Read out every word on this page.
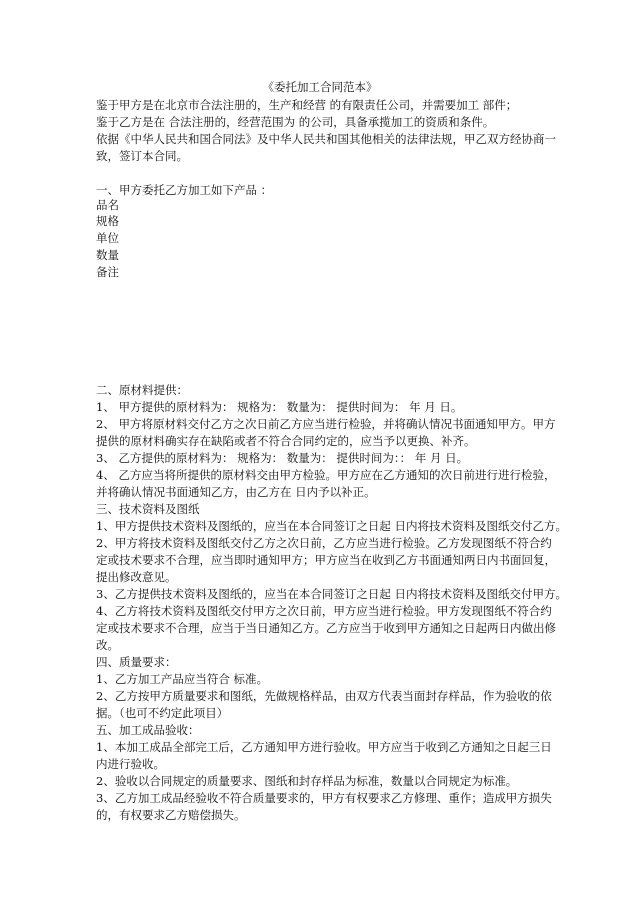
《委托加工合同范本》
鉴于甲方是在北京市合法注册的，生产和经营 的有限责任公司，并需要加工 部件；
鉴于乙方是在 合法注册的，经营范围为 的公司，具备承揽加工的资质和条件。
依据《中华人民共和国合同法》及中华人民共和国其他相关的法律法规，甲乙双方经协商一
致，签订本合同。
一、甲方委托乙方加工如下产品 ：
品名
规格
单位
数量
备注
二、原材料提供：
1、 甲方提供的原材料为： 规格为： 数量为： 提供时间为： 年 月 日。
2、 甲方将原材料交付乙方之次日前乙方应当进行检验，并将确认情况书面通知甲方。甲方
提供的原材料确实存在缺陷或者不符合合同约定的，应当予以更换、补齐。
3、 乙方提供的原材料为： 规格为： 数量为： 提供时间为：： 年 月 日。
4、 乙方应当将所提供的原材料交由甲方检验。甲方应在乙方通知的次日前进行进行检验，
并将确认情况书面通知乙方，由乙方在 日内予以补正。
三、技术资料及图纸
1、甲方提供技术资料及图纸的，应当在本合同签订之日起 日内将技术资料及图纸交付乙方。
2、甲方将技术资料及图纸交付乙方之次日前，乙方应当进行检验。乙方发现图纸不符合约
定或技术要求不合理，应当即时通知甲方；甲方应当在收到乙方书面通知两日内书面回复，
提出修改意见。
3、乙方提供技术资料及图纸的，应当在本合同签订之日起 日内将技术资料及图纸交付甲方。
4、乙方将技术资料及图纸交付甲方之次日前，甲方应当进行检验。甲方发现图纸不符合约
定或技术要求不合理，应当于当日通知乙方。乙方应当于收到甲方通知之日起两日内做出修
改。
四、质量要求：
1、乙方加工产品应当符合 标准。
2、乙方按甲方质量要求和图纸，先做规格样品，由双方代表当面封存样品，作为验收的依
据。（也可不约定此项目）
五、加工成品验收：
1、本加工成品全部完工后，乙方通知甲方进行验收。甲方应当于收到乙方通知之日起三日
内进行验收。
2、验收以合同规定的质量要求、图纸和封存样品为标准，数量以合同规定为标准。
3、乙方加工成品经验收不符合质量要求的，甲方有权要求乙方修理、重作；造成甲方损失
的，有权要求乙方赔偿损失。
